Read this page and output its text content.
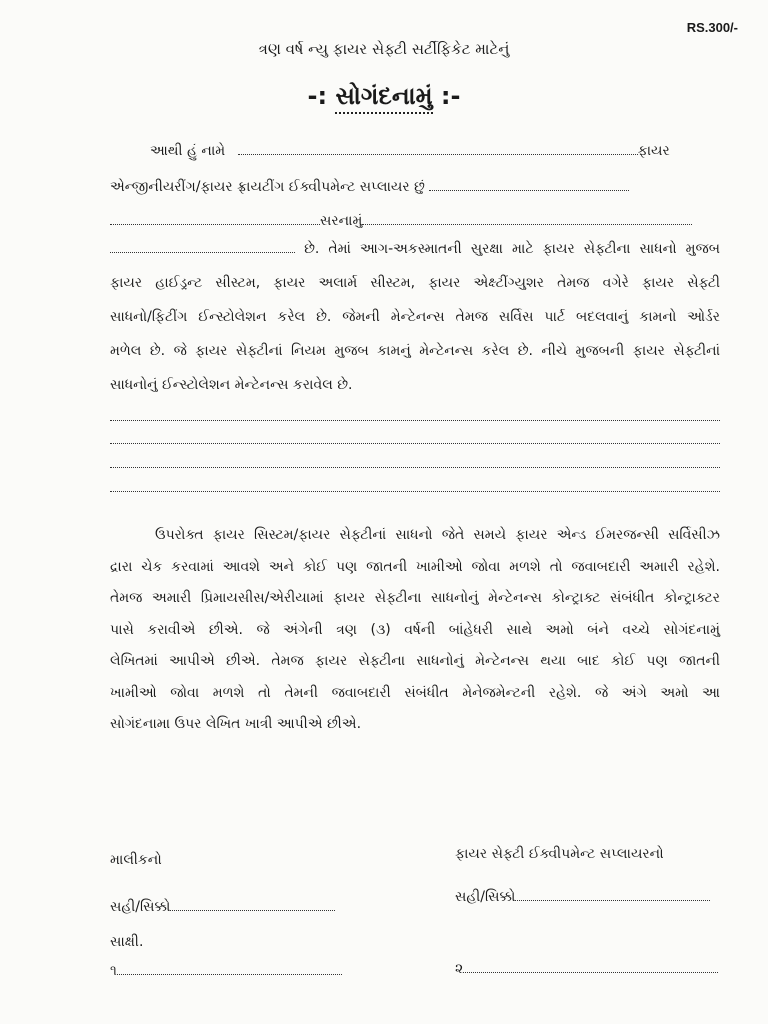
RS.300/-
ત્રણ વર્ષ ન્યુ ફાયર સેફ્ટી સર્ટીફિકેટ માટેનું
-: સોગંદનામું :-
આથી હું નામે	ફાયર
એન્જીનીયરીંગ/ફાયર ફ્રાયટીંગ ઈક્વીપમેન્ટ સપ્લાયર છું
સરનામું

છે. તેમાં આગ-અકસ્માતની સુરક્ષા માટે ફાયર સેફ્ટીના સાધનો મુજબ

ફાયર હાઈડ્રન્ટ સીસ્ટમ, ફાયર અલાર્મ સીસ્ટમ, ફાયર એક્ષ્ટીંગ્યુશર તેમજ વગેરે ફાયર સેફ્ટી

સાધનો/ફિટીંગ ઈન્સ્ટોલેશન કરેલ છે. જેમની મેન્ટેનન્સ તેમજ સર્વિસ પાર્ટ બદલવાનું કામનો ઓર્ડર

મળેલ છે. જે ફાયર સેફ્ટીનાં નિયમ મુજબ કામનું મેન્ટેનન્સ કરેલ છે. નીચે મુજબની ફાયર સેફ્ટીનાં

સાધનોનું ઈન્સ્ટોલેશન મેન્ટેનન્સ કરાવેલ છે.

ઉપરોક્ત ફાયર સિસ્ટમ/ફાયર સેફ્ટીનાં સાધનો જેતે સમયે ફાયર એન્ડ ઈમરજન્સી સર્વિસીઝ

દ્રારા ચેક કરવામાં આવશે અને કોઈ પણ જાતની ખામીઓ જોવા મળશે તો જવાબદારી અમારી રહેશે.

તેમજ અમારી પ્રિમાયસીસ/એરીયામાં ફાયર સેફ્ટીના સાધનોનું મેન્ટેનન્સ કોન્ટ્રાક્ટ સંબંધીત કોન્ટ્રાક્ટર

પાસે કરાવીએ છીએ. જે અંગેની ત્રણ (૩) વર્ષની બાંહેધરી સાથે અમો બંને વચ્ચે સોગંદનામું

લેખિતમાં આપીએ છીએ. તેમજ ફાયર સેફ્ટીના સાધનોનું મેન્ટેનન્સ થયા બાદ કોઈ પણ જાતની

ખામીઓ જોવા મળશે તો તેમની જવાબદારી સંબંધીત મેનેજમેન્ટની રહેશે. જે અંગે અમો આ

સોગંદનામા ઉપર લેખિત ખાત્રી આપીએ છીએ.

માલીકનો	ફાયર સેફ્ટી ઈક્વીપમેન્ટ સપ્લાયરનો
સહી/સિક્કો
સહી/સિક્કો
સાક્ષી.
૧	૨
